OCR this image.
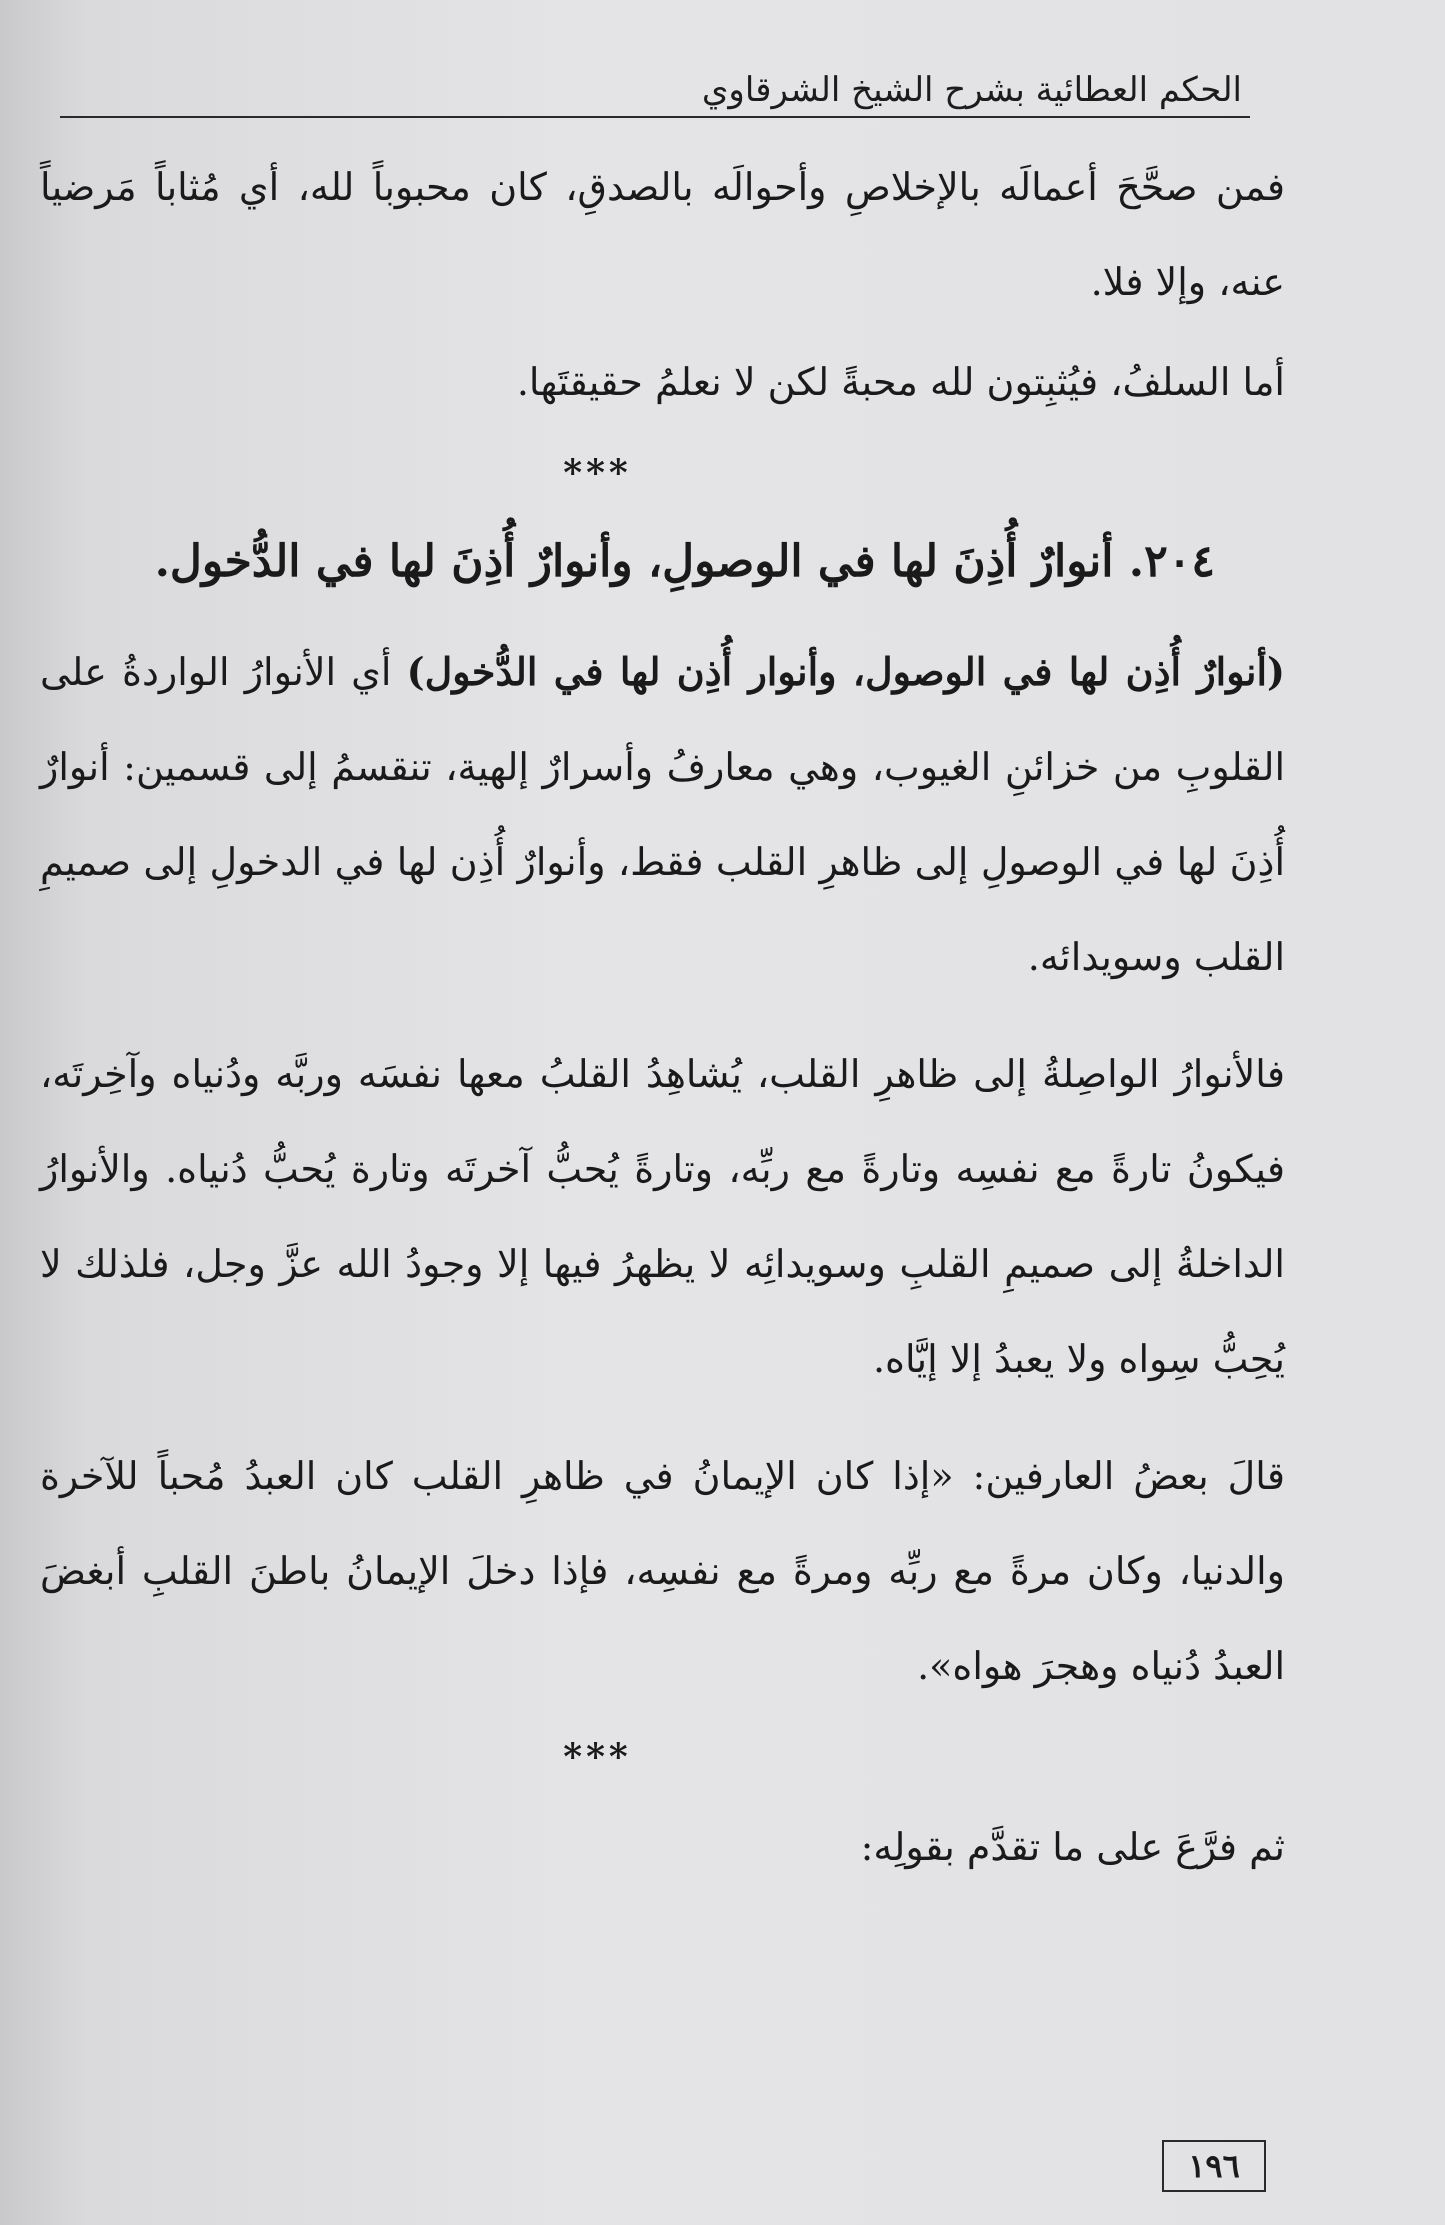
الحكم العطائية بشرح الشيخ الشرقاوي

فمن صحَّحَ أعمالَه بالإخلاصِ وأحوالَه بالصدقِ، كان محبوباً لله، أي مُثاباً مَرضياً عنه، وإلا فلا.

أما السلفُ، فيُثبِتون لله محبةً لكن لا نعلمُ حقيقتَها.

***
٢٠٤. أنوارٌ أُذِنَ لها في الوصولِ، وأنوارٌ أُذِنَ لها في الدُّخول.

(أنوارٌ أُذِن لها في الوصول، وأنوار أُذِن لها في الدُّخول) أي الأنوارُ الواردةُ على القلوبِ من خزائنِ الغيوب، وهي معارفُ وأسرارٌ إلهية، تنقسمُ إلى قسمين: أنوارٌ أُذِنَ لها في الوصولِ إلى ظاهرِ القلب فقط، وأنوارٌ أُذِن لها في الدخولِ إلى صميمِ القلب وسويدائه.

فالأنوارُ الواصِلةُ إلى ظاهرِ القلب، يُشاهِدُ القلبُ معها نفسَه وربَّه ودُنياه وآخِرتَه، فيكونُ تارةً مع نفسِه وتارةً مع ربِّه، وتارةً يُحبُّ آخرتَه وتارة يُحبُّ دُنياه. والأنوارُ الداخلةُ إلى صميمِ القلبِ وسويدائِه لا يظهرُ فيها إلا وجودُ الله عزَّ وجل، فلذلك لا يُحِبُّ سِواه ولا يعبدُ إلا إيَّاه.

قالَ بعضُ العارفين: «إذا كان الإيمانُ في ظاهرِ القلب كان العبدُ مُحباً للآخرة والدنيا، وكان مرةً مع ربِّه ومرةً مع نفسِه، فإذا دخلَ الإيمانُ باطنَ القلبِ أبغضَ العبدُ دُنياه وهجرَ هواه».

***

ثم فرَّعَ على ما تقدَّم بقولِه:

١٩٦
